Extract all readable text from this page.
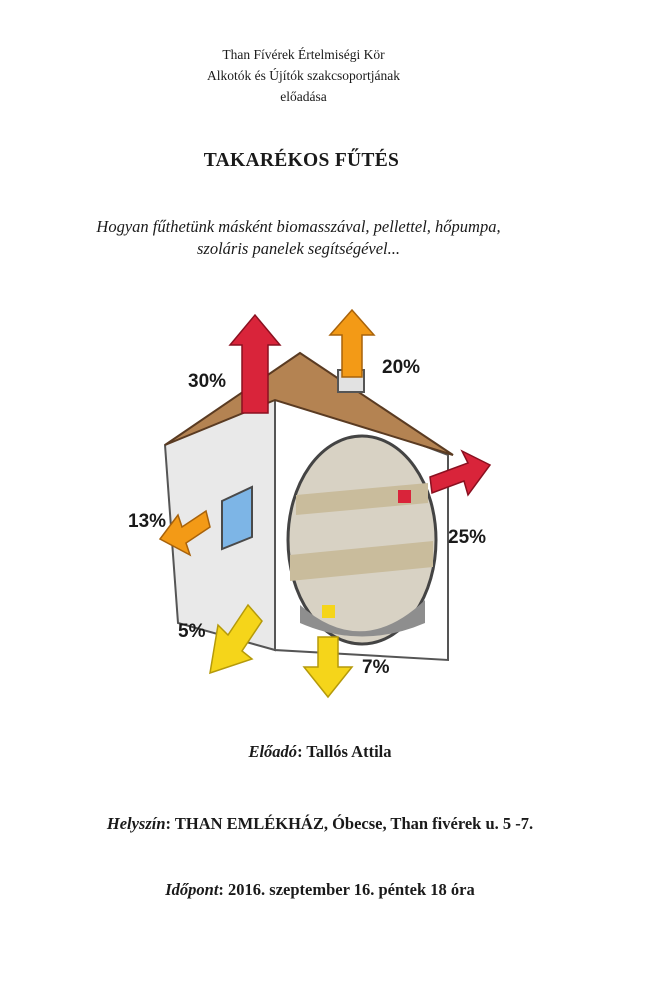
Than Fívérek Értelmiségi Kör
Alkotók és Újítók szakcsoportjának
előadása
TAKARÉKOS FŰTÉS
Hogyan fűthetünk másként biomasszával, pellettel, hőpumpa,
szoláris panelek segítségével...
30%
20%
25%
13%
5%
7%
Előadó: Tallós Attila
Helyszín: THAN EMLÉKHÁZ, Óbecse, Than fivérek u. 5 -7.
Időpont: 2016. szeptember 16. péntek 18 óra
